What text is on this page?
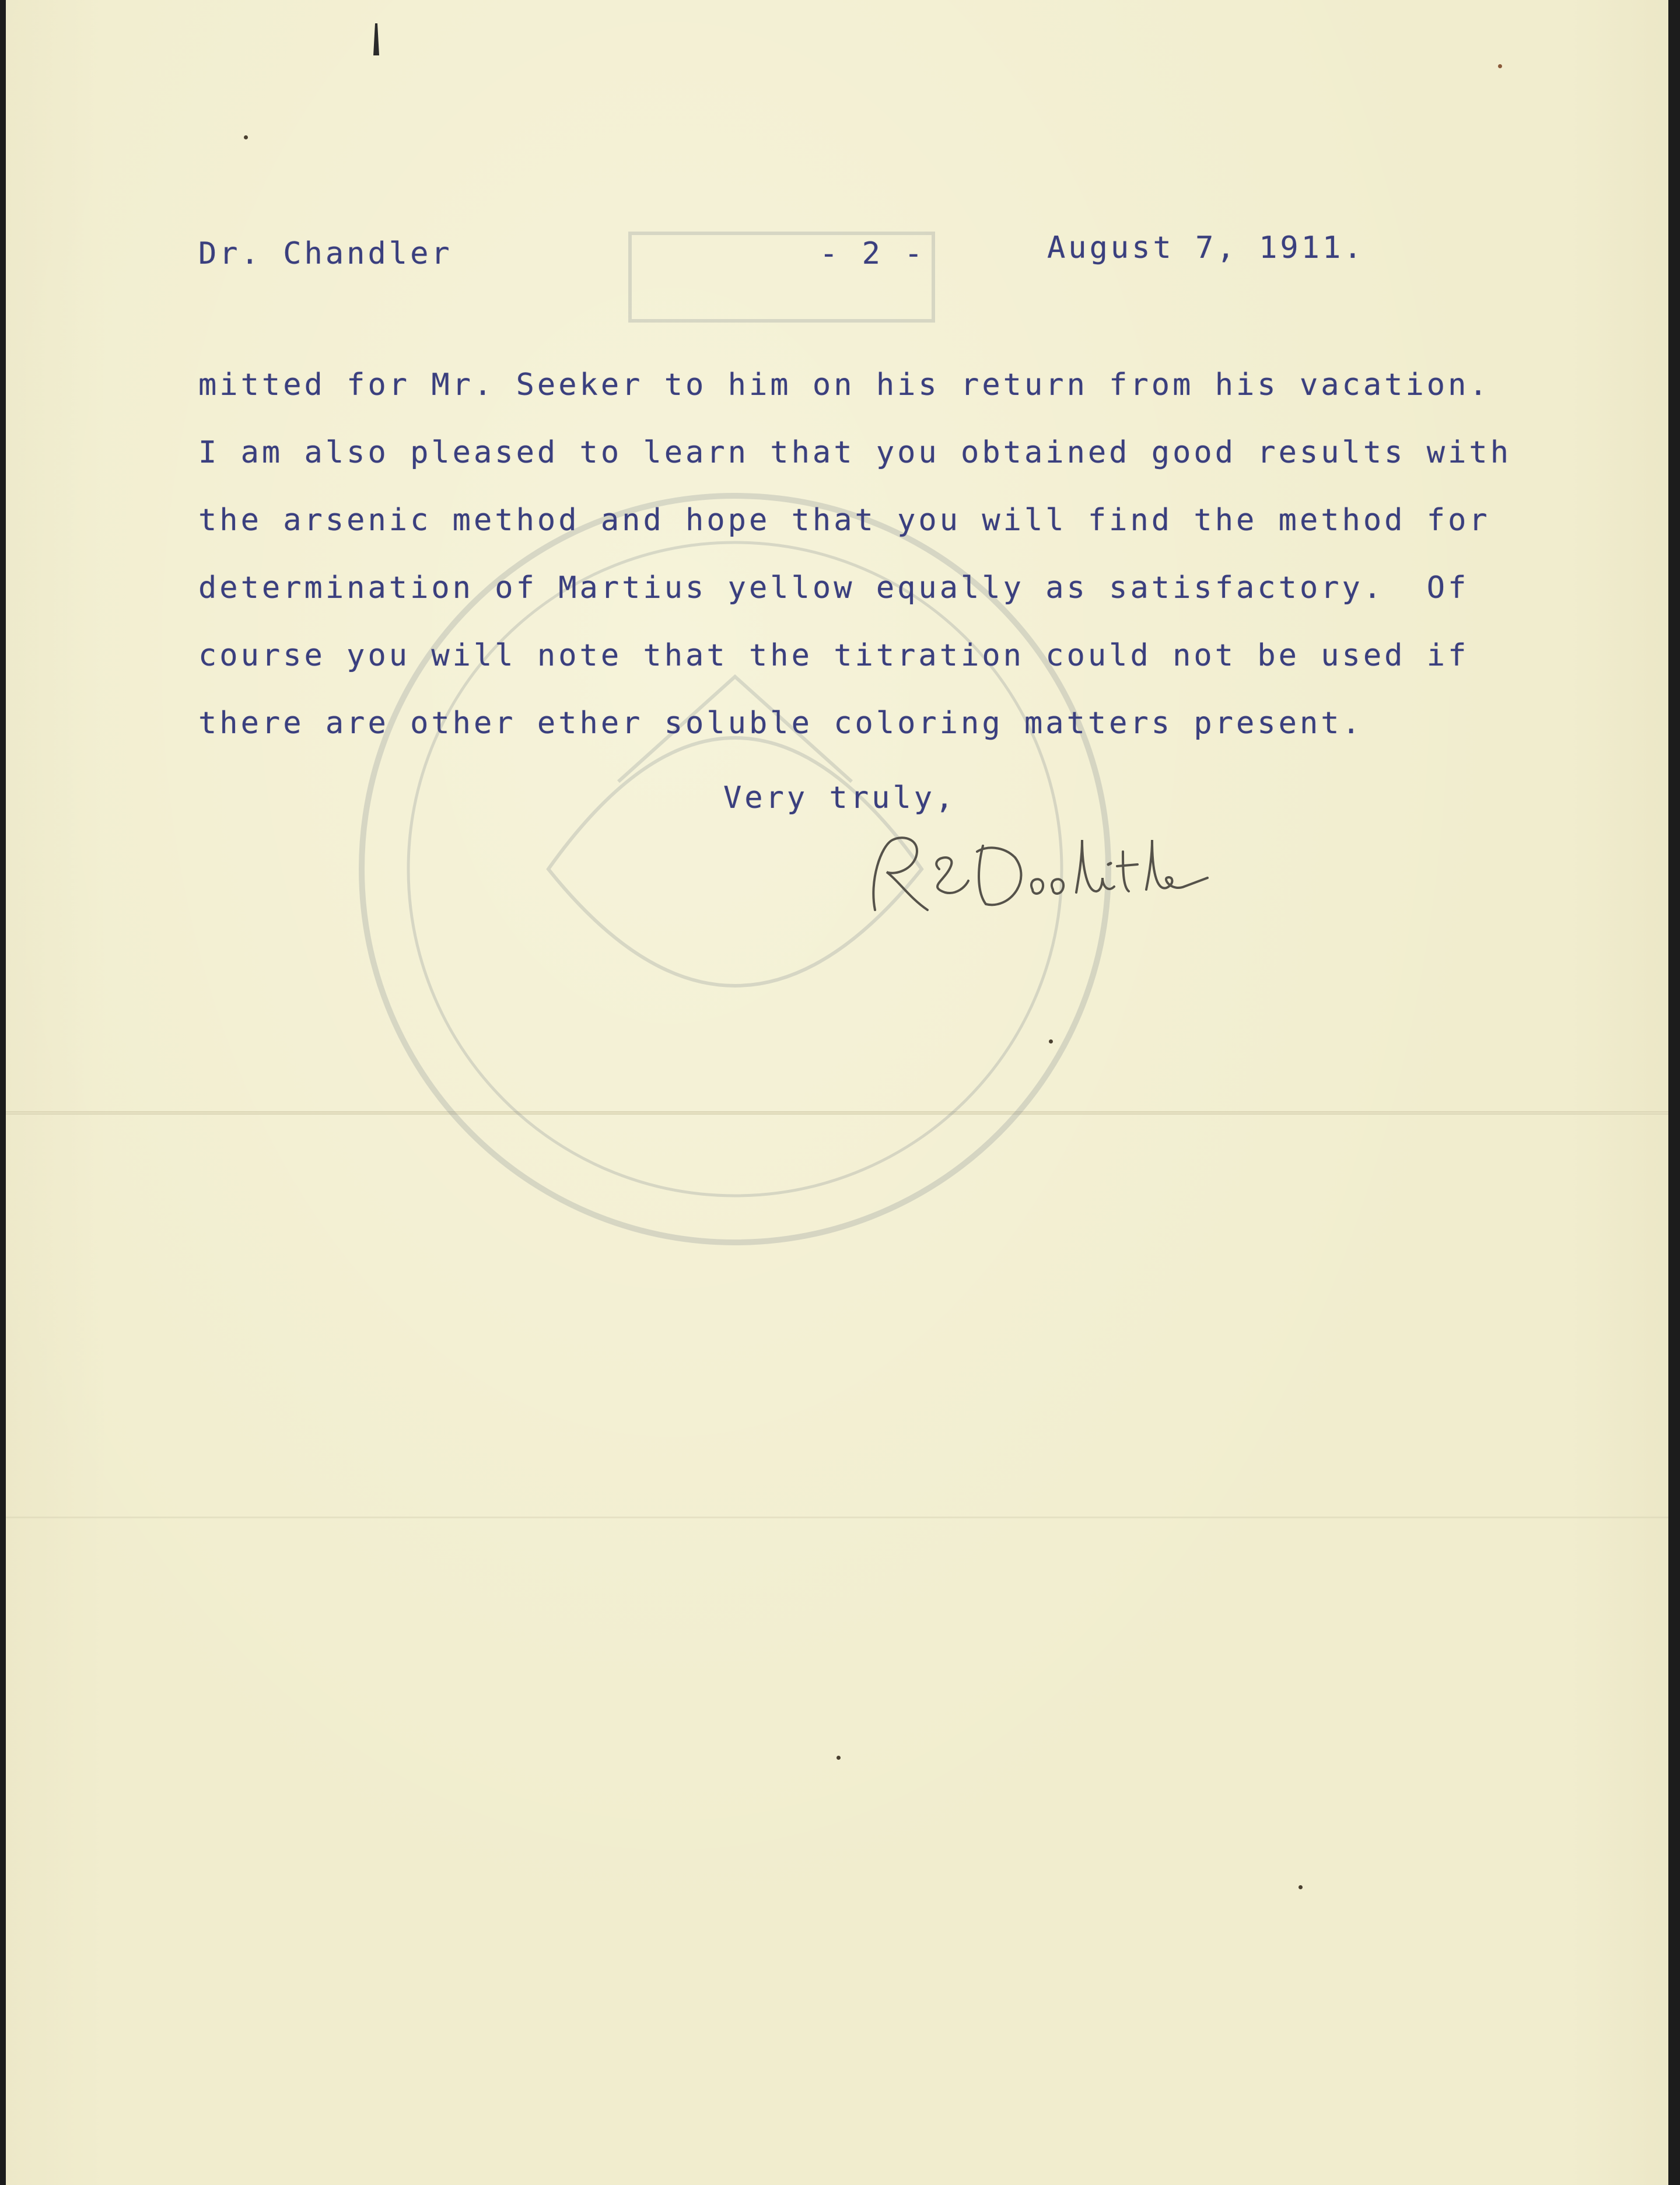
Dr. Chandler	- 2 -	August 7, 1911.

mitted for Mr. Seeker to him on his return from his vacation.

I am also pleased to learn that you obtained good results with

the arsenic method and hope that you will find the method for

determination of Martius yellow equally as satisfactory.  Of

course you will note that the titration could not be used if

there are other ether soluble coloring matters present.

Very truly,
